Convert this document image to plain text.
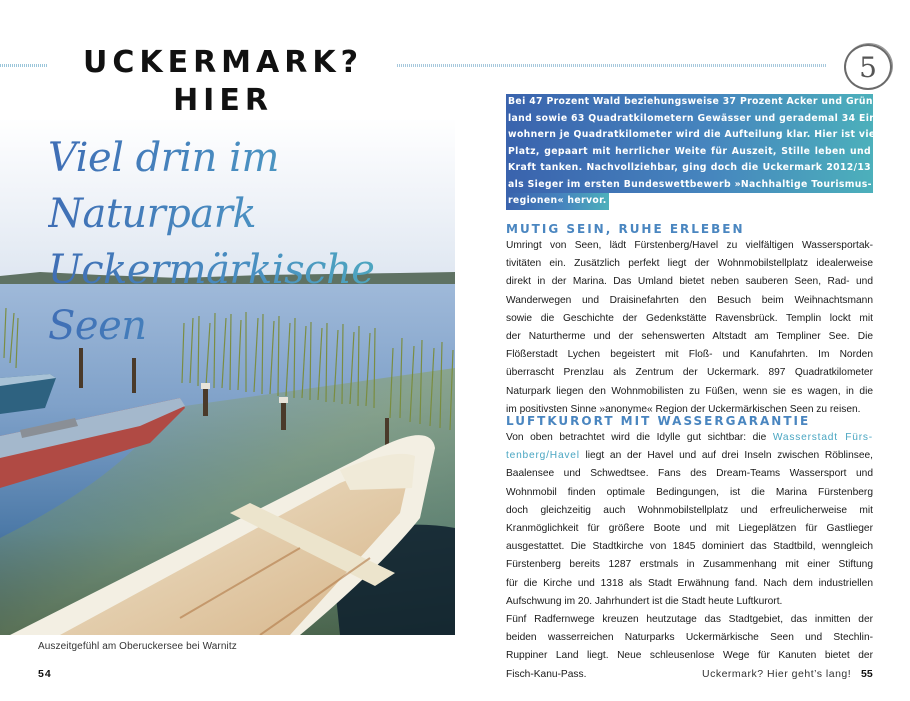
UCKERMARK? HIER
5
Viel drin im Naturpark
Uckermärkische Seen
Auszeitgefühl am Oberuckersee bei Warnitz
54
Bei 47 Prozent Wald beziehungsweise 37 Prozent Acker und Grün-
land sowie 63 Quadratkilometern Gewässer und gerademal 34 Ein-
wohnern je Quadratkilometer wird die Aufteilung klar. Hier ist viel
Platz, gepaart mit herrlicher Weite für Auszeit, Stille leben und
Kraft tanken. Nachvollziehbar, ging doch die Uckermark 2012/13
als Sieger im ersten Bundeswettbewerb »Nachhaltige Tourismus-
regionen« hervor.
MUTIG SEIN, RUHE ERLEBEN
Umringt von Seen, lädt Fürstenberg/Havel zu vielfältigen Wassersportak-
tivitäten ein. Zusätzlich perfekt liegt der Wohnmobilstellplatz idealerweise
direkt in der Marina. Das Umland bietet neben sauberen Seen, Rad- und
Wanderwegen und Draisinefahrten den Besuch beim Weihnachtsmann
sowie die Geschichte der Gedenkstätte Ravensbrück. Templin lockt mit
der Naturtherme und der sehenswerten Altstadt am Templiner See. Die
Flößerstadt Lychen begeistert mit Floß- und Kanufahrten. Im Norden
überrascht Prenzlau als Zentrum der Uckermark. 897 Quadratkilometer
Naturpark liegen den Wohnmobilisten zu Füßen, wenn sie es wagen, in die
im positivsten Sinne »anonyme« Region der Uckermärkischen Seen zu reisen.
LUFTKURORT MIT WASSERGARANTIE
Von oben betrachtet wird die Idylle gut sichtbar: die Wasserstadt Fürs-
tenberg/Havel liegt an der Havel und auf drei Inseln zwischen Röblinsee,
Baalensee und Schwedtsee. Fans des Dream-Teams Wassersport und
Wohnmobil finden optimale Bedingungen, ist die Marina Fürstenberg
doch gleichzeitig auch Wohnmobilstellplatz und erfreulicherweise mit
Kranmöglichkeit für größere Boote und mit Liegeplätzen für Gastlieger
ausgestattet. Die Stadtkirche von 1845 dominiert das Stadtbild, wenngleich
Fürstenberg bereits 1287 erstmals in Zusammenhang mit einer Stiftung
für die Kirche und 1318 als Stadt Erwähnung fand. Nach dem industriellen
Aufschwung im 20. Jahrhundert ist die Stadt heute Luftkurort.
Fünf Radfernwege kreuzen heutzutage das Stadtgebiet, das inmitten der
beiden wasserreichen Naturparks Uckermärkische Seen und Stechlin-
Ruppiner Land liegt. Neue schleusenlose Wege für Kanuten bietet der
Fisch-Kanu-Pass.	Uckermark? Hier geht’s lang! 55
